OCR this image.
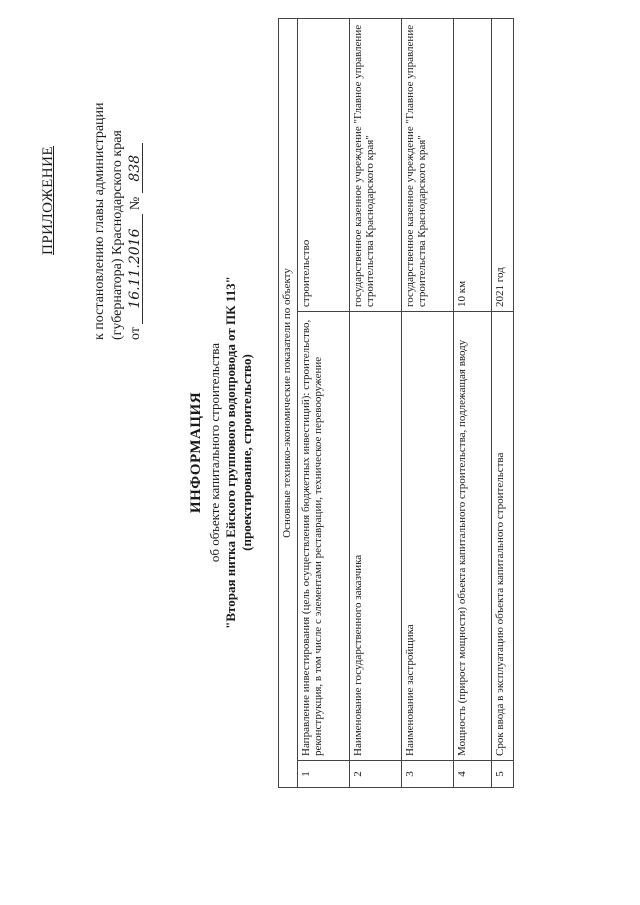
ПРИЛОЖЕНИЕ	к постановлению главы администрации (губернатора) Краснодарского края от 16.11.2016 № 838
ИНФОРМАЦИЯ об объекте капитального строительства "Вторая нитка Ейского группового водопровода от ПК 113" (проектирование, строительство) Основные технико-экономические показатели по объекту		
1	Направление инвестирования (цель осуществления бюджетных инвестиций): строительство, реконструкция, в том числе с элементами реставрации, техническое перевооружение	строительство
2	Наименование государственного заказчика	государственное казенное учреждение "Главное управление строительства Краснодарского края"
3	Наименование застройщика	государственное казенное учреждение "Главное управление строительства Краснодарского края"
4	Мощность (прирост мощности) объекта капитального строительства, подлежащая вводу	10 км
5	Срок ввода в эксплуатацию объекта капитального строительства	2021 год
